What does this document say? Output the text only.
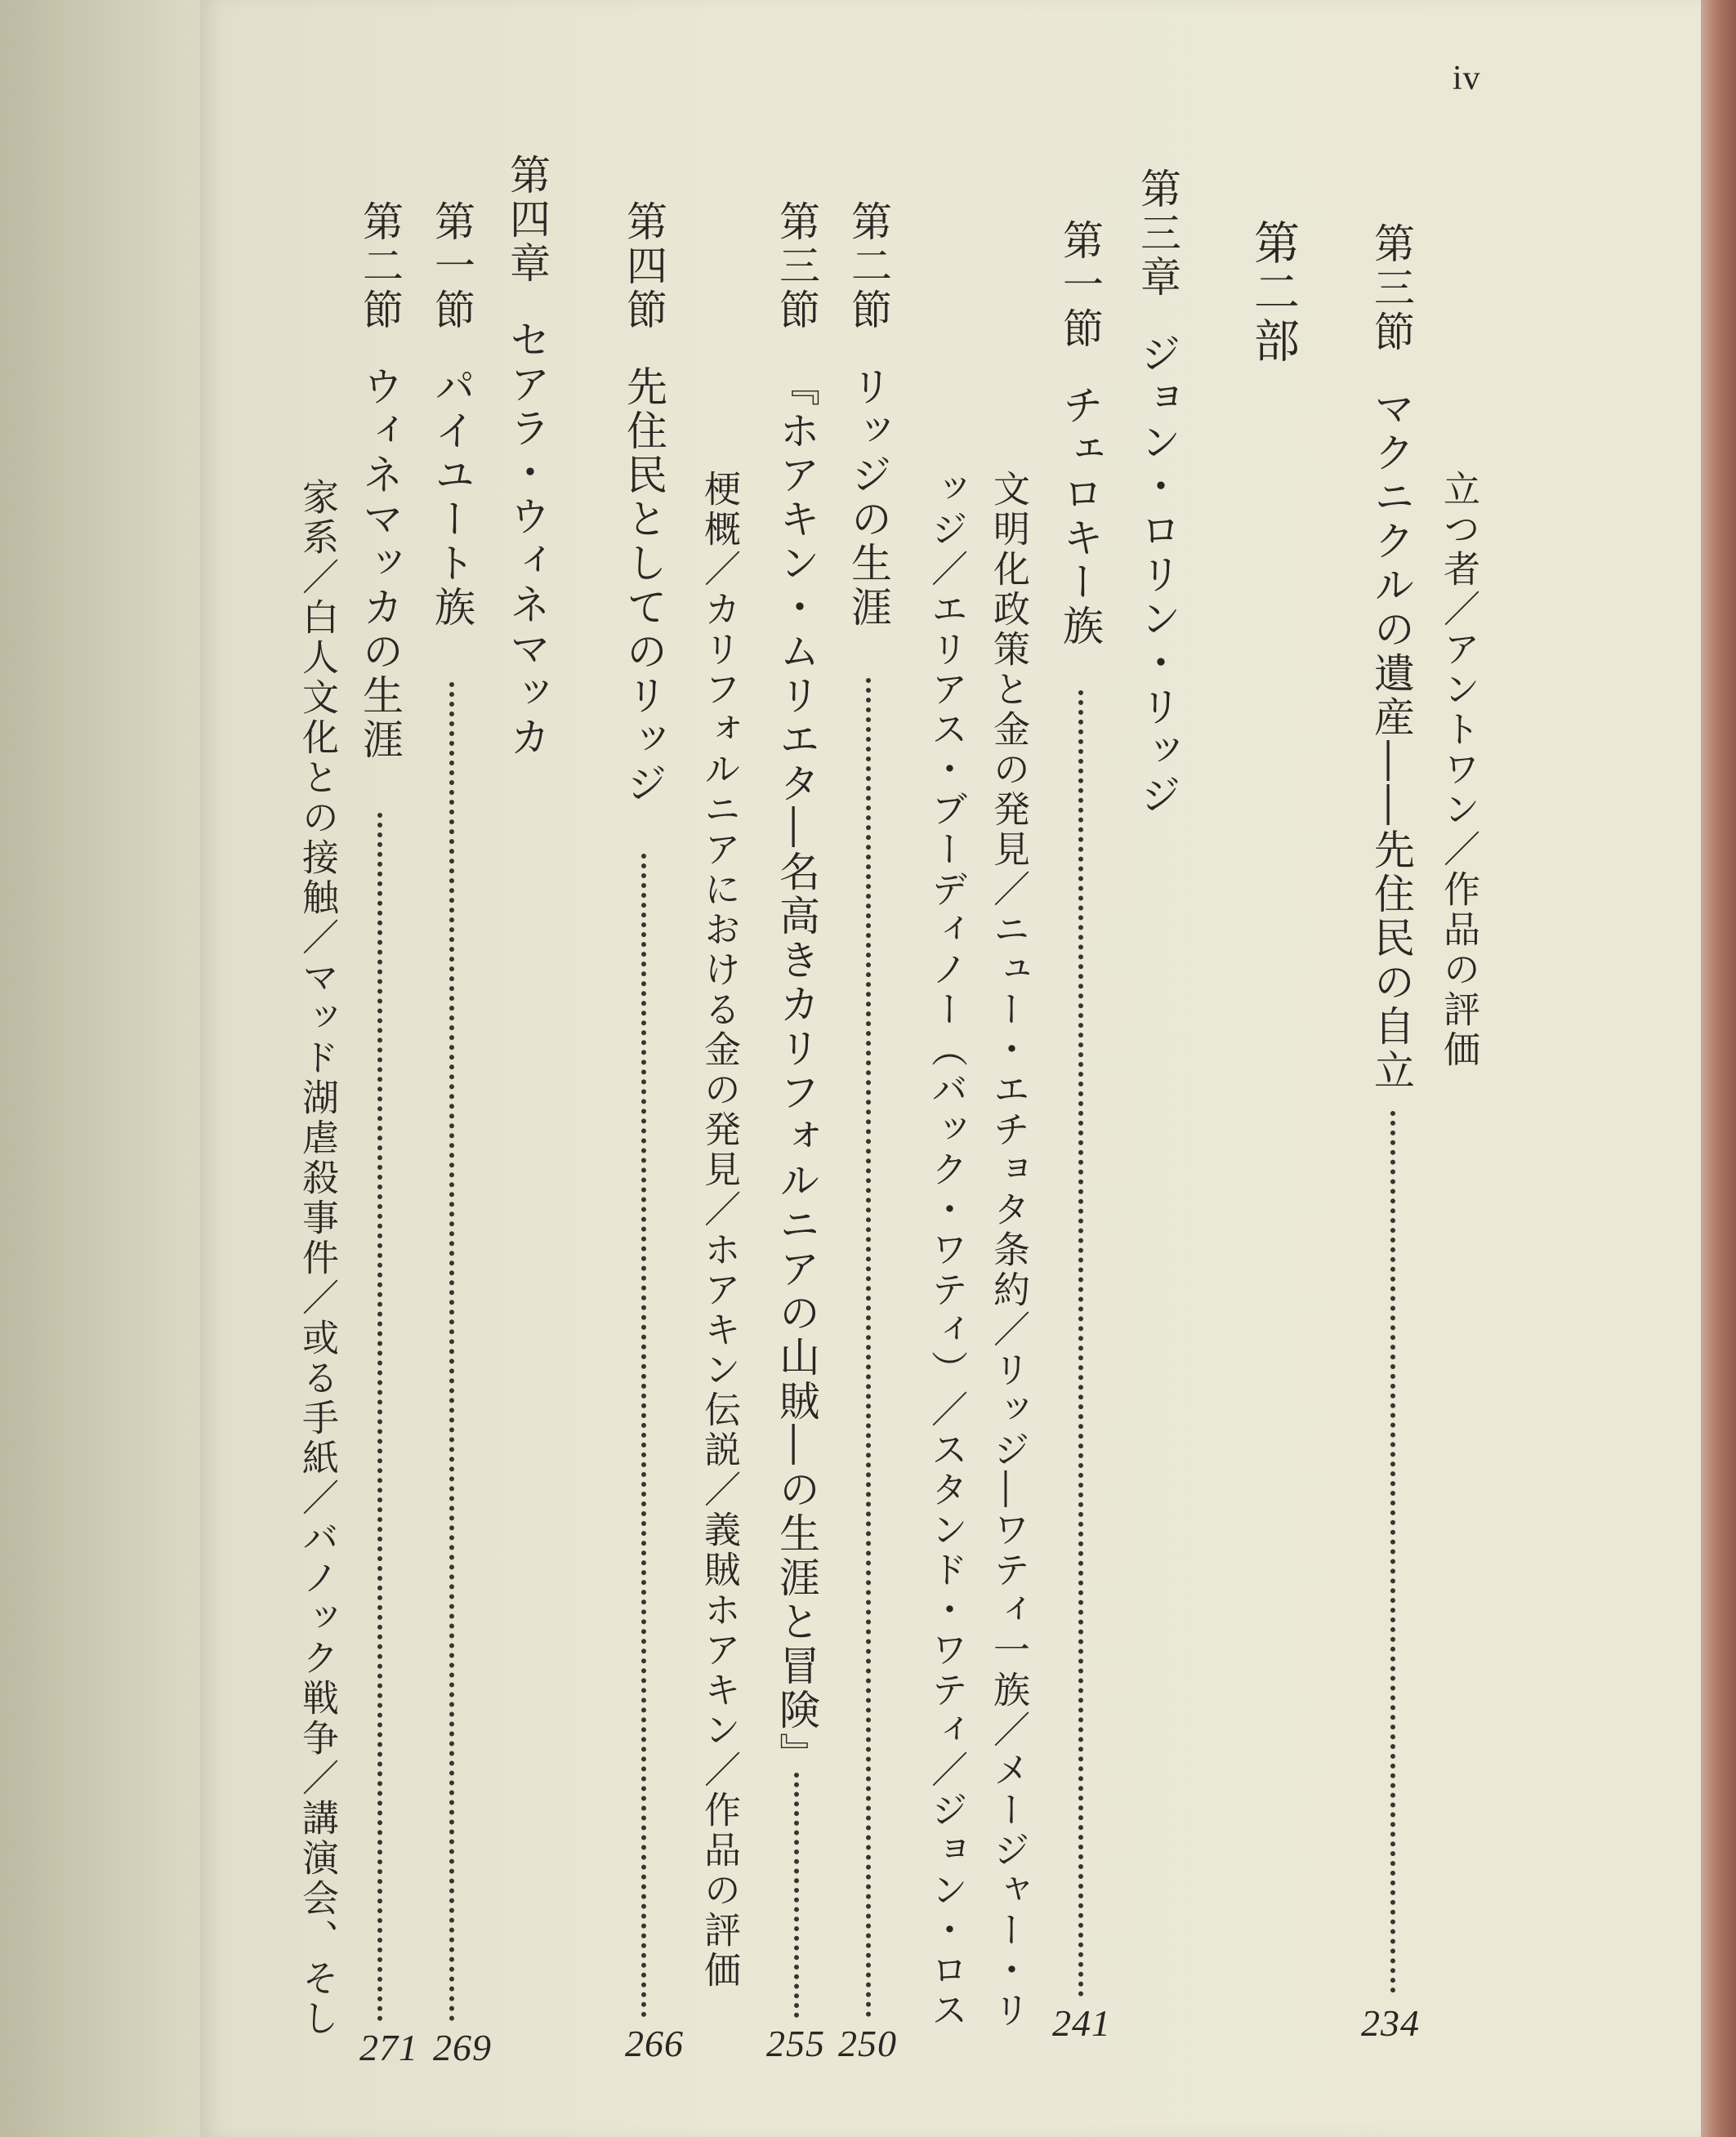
iv
立つ者／アントワン／作品の評価
第三節マクニクルの遺産――先住民の自立
234
第二部
第三章ジョン・ロリン・リッジ
第一節チェロキー族
241
文明化政策と金の発見／ニュー・エチョタ条約／リッジ―ワティ一族／メージャー・リ
ッジ／エリアス・ブーディノー（バック・ワティ）／スタンド・ワティ／ジョン・ロス
第二節リッジの生涯
250
第三節『ホアキン・ムリエタ―名高きカリフォルニアの山賊―の生涯と冒険』
255
梗概／カリフォルニアにおける金の発見／ホアキン伝説／義賊ホアキン／作品の評価
第四節先住民としてのリッジ
266
第四章セアラ・ウィネマッカ
第一節パイユート族
269
第二節ウィネマッカの生涯
271
家系／白人文化との接触／マッド湖虐殺事件／或る手紙／バノック戦争／講演会、そし
